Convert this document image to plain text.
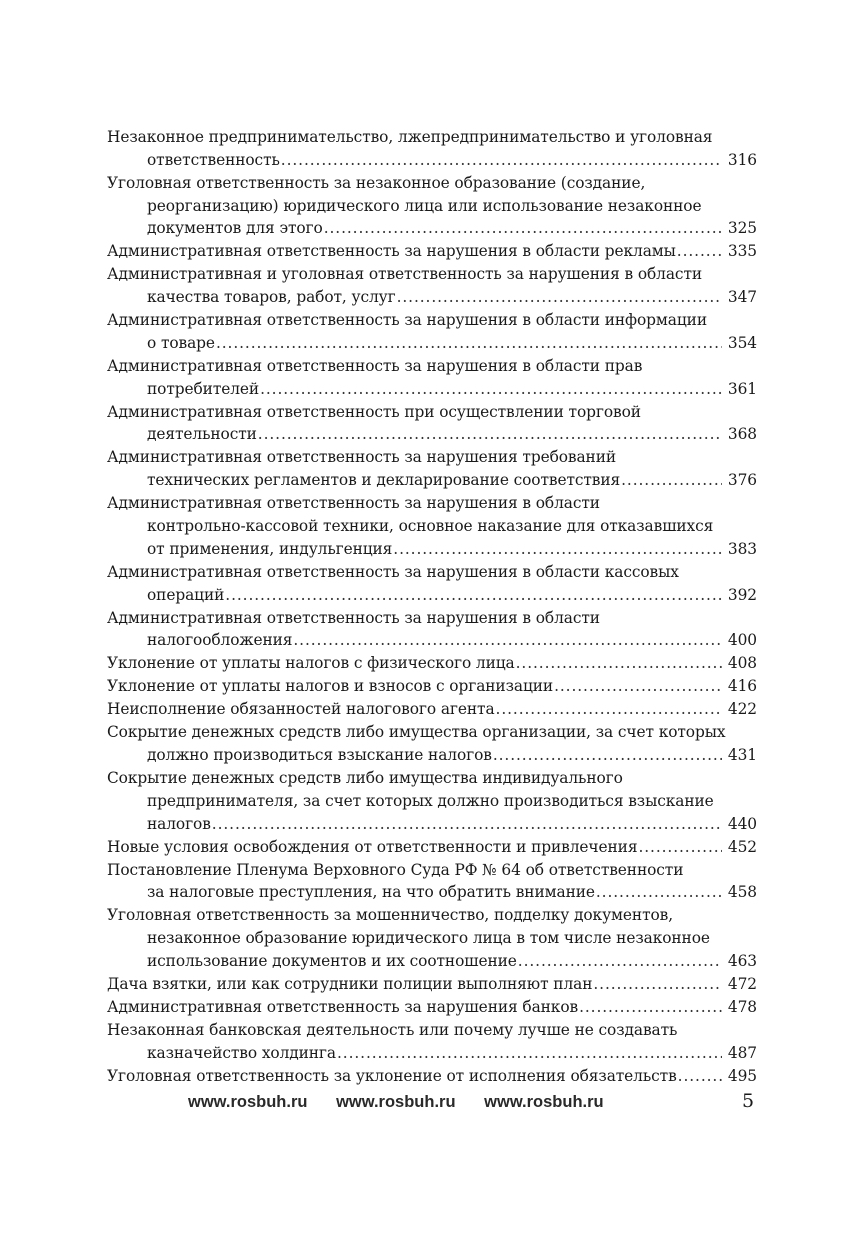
Незаконное предпринимательство, лжепредпринимательство и уголовная
ответственность .....	316
Уголовная ответственность за незаконное образование (создание,
реорганизацию) юридического лица или использование незаконное
документов для этого .....	325
Административная ответственность за нарушения в области рекламы .....	335
Административная и уголовная ответственность за нарушения в области
качества товаров, работ, услуг .....	347
Административная ответственность за нарушения в области информации
о товаре .....	354
Административная ответственность за нарушения в области прав
потребителей .....	361
Административная ответственность при осуществлении торговой
деятельности .....	368
Административная ответственность за нарушения требований
технических регламентов и декларирование соответствия .....	376
Административная ответственность за нарушения в области
контрольно-кассовой техники, основное наказание для отказавшихся
от применения, индульгенция .....	383
Административная ответственность за нарушения в области кассовых
операций .....	392
Административная ответственность за нарушения в области
налогообложения .....	400
Уклонение от уплаты налогов с физического лица .....	408
Уклонение от уплаты налогов и взносов с организации .....	416
Неисполнение обязанностей налогового агента .....	422
Сокрытие денежных средств либо имущества организации, за счет которых
должно производиться взыскание налогов .....	431
Сокрытие денежных средств либо имущества индивидуального
предпринимателя, за счет которых должно производиться взыскание
налогов .....	440
Новые условия освобождения от ответственности и привлечения .....	452
Постановление Пленума Верховного Суда РФ № 64 об ответственности
за налоговые преступления, на что обратить внимание .....	458
Уголовная ответственность за мошенничество, подделку документов,
незаконное образование юридического лица в том числе незаконное
использование документов и их соотношение .....	463
Дача взятки, или как сотрудники полиции выполняют план .....	472
Административная ответственность за нарушения банков .....	478
Незаконная банковская деятельность или почему лучше не создавать
казначейство холдинга .....	487
Уголовная ответственность за уклонение от исполнения обязательств .....	495
www.rosbuh.ru www.rosbuh.ru www.rosbuh.ru	5
